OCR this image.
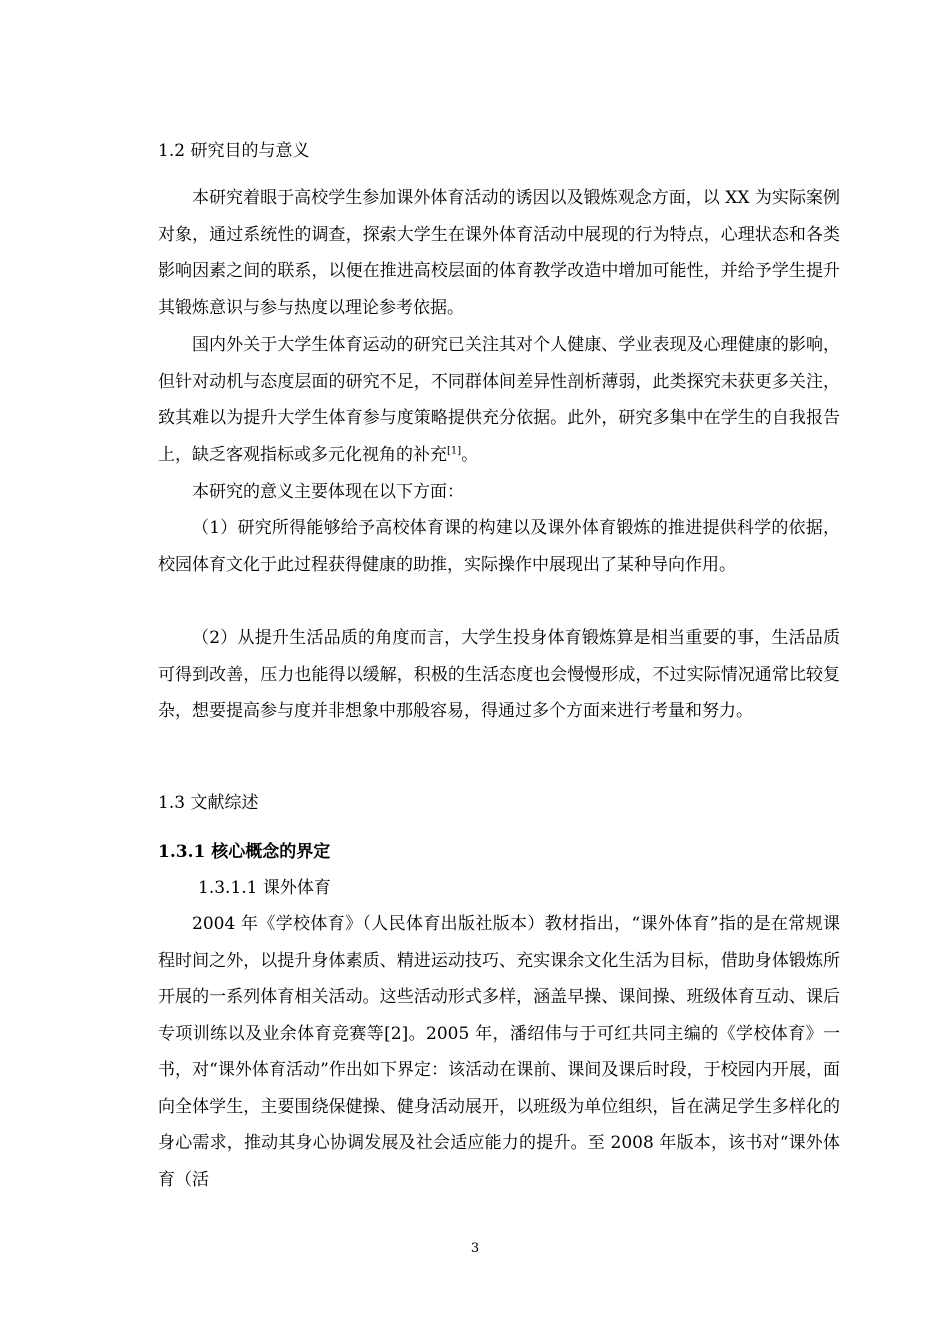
1.2 研究目的与意义

本研究着眼于高校学生参加课外体育活动的诱因以及锻炼观念方面，以 XX 为实际案例对象，通过系统性的调查，探索大学生在课外体育活动中展现的行为特点，心理状态和各类影响因素之间的联系，以便在推进高校层面的体育教学改造中增加可能性，并给予学生提升其锻炼意识与参与热度以理论参考依据。

国内外关于大学生体育运动的研究已关注其对个人健康、学业表现及心理健康的影响，但针对动机与态度层面的研究不足，不同群体间差异性剖析薄弱，此类探究未获更多关注，致其难以为提升大学生体育参与度策略提供充分依据。此外，研究多集中在学生的自我报告上，缺乏客观指标或多元化视角的补充[1]。

本研究的意义主要体现在以下方面：

（1）研究所得能够给予高校体育课的构建以及课外体育锻炼的推进提供科学的依据，校园体育文化于此过程获得健康的助推，实际操作中展现出了某种导向作用。

（2）从提升生活品质的角度而言，大学生投身体育锻炼算是相当重要的事，生活品质可得到改善，压力也能得以缓解，积极的生活态度也会慢慢形成，不过实际情况通常比较复杂，想要提高参与度并非想象中那般容易，得通过多个方面来进行考量和努力。

1.3 文献综述
1.3.1 核心概念的界定
1.3.1.1 课外体育

2004 年《学校体育》（人民体育出版社版本）教材指出，“课外体育”指的是在常规课程时间之外，以提升身体素质、精进运动技巧、充实课余文化生活为目标，借助身体锻炼所开展的一系列体育相关活动。这些活动形式多样，涵盖早操、课间操、班级体育互动、课后专项训练以及业余体育竞赛等[2]。2005 年，潘绍伟与于可红共同主编的《学校体育》一书，对“课外体育活动”作出如下界定：该活动在课前、课间及课后时段，于校园内开展，面向全体学生，主要围绕保健操、健身活动展开，以班级为单位组织，旨在满足学生多样化的身心需求，推动其身心协调发展及社会适应能力的提升。至 2008 年版本，该书对“课外体育（活

3
